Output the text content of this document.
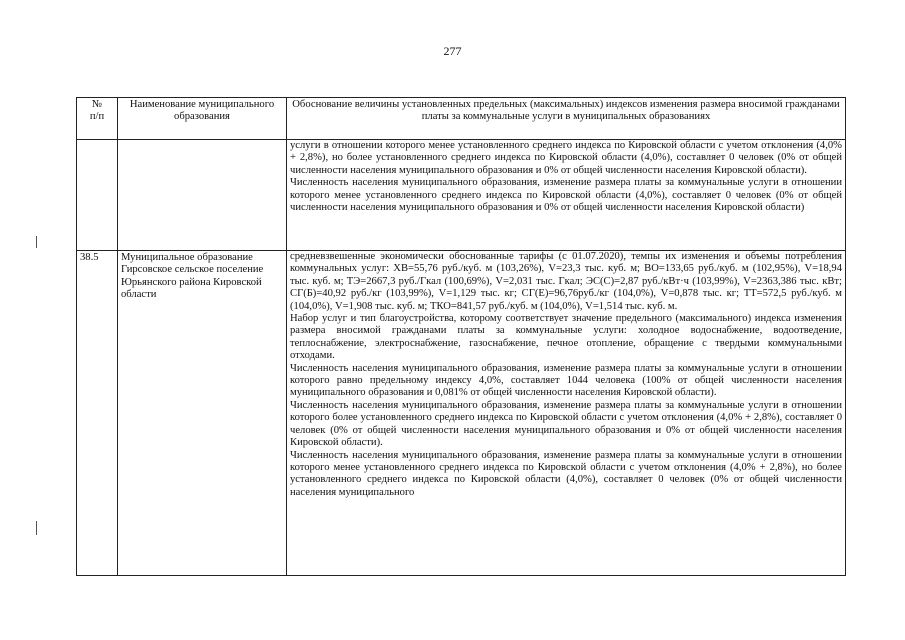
277
№
п/п	Наименование муниципального образования	Обоснование величины установленных предельных (максимальных) индексов изменения размера вносимой гражданами платы за коммунальные услуги в муниципальных образованиях

		услуги в отношении которого менее установленного среднего индекса по Кировской области с учетом отклонения (4,0% + 2,8%), но более установленного среднего индекса по Кировской области (4,0%), составляет 0 человек (0% от общей численности населения муниципального образования и 0% от общей численности населения Кировской области).

Численность населения муниципального образования, изменение размера платы за коммунальные услуги в отношении которого менее установленного среднего индекса по Кировской области (4,0%), составляет 0 человек (0% от общей численности населения муниципального образования и 0% от общей численности населения Кировской области)

38.5	Муниципальное образование Гирсовское сельское поселение Юрьянского района Кировской области	средневзвешенные экономически обоснованные тарифы (с 01.07.2020), темпы их изменения и объемы потребления коммунальных услуг: ХВ=55,76 руб./куб. м (103,26%), V=23,3 тыс. куб. м; ВО=133,65 руб./куб. м (102,95%), V=18,94 тыс. куб. м; ТЭ=2667,3 руб./Гкал (100,69%), V=2,031 тыс. Гкал; ЭС(С)=2,87 руб./кВт·ч (103,99%), V=2363,386 тыс. кВт; СГ(Б)=40,92 руб./кг (103,99%), V=1,129 тыс. кг; СГ(Е)=96,76руб./кг (104,0%), V=0,878 тыс. кг; ТТ=572,5 руб./куб. м (104,0%), V=1,908 тыс. куб. м; ТКО=841,57 руб./куб. м (104,0%), V=1,514 тыс. куб. м.

Набор услуг и тип благоустройства, которому соответствует значение предельного (максимального) индекса изменения размера вносимой гражданами платы за коммунальные услуги: холодное водоснабжение, водоотведение, теплоснабжение, электроснабжение, газоснабжение, печное отопление, обращение с твердыми коммунальными отходами.

Численность населения муниципального образования, изменение размера платы за коммунальные услуги в отношении которого равно предельному индексу 4,0%, составляет 1044 человека (100% от общей численности населения муниципального образования и 0,081% от общей численности населения Кировской области).

Численность населения муниципального образования, изменение размера платы за коммунальные услуги в отношении которого более установленного среднего индекса по Кировской области с учетом отклонения (4,0% + 2,8%), составляет 0 человек (0% от общей численности населения муниципального образования и 0% от общей численности населения Кировской области).

Численность населения муниципального образования, изменение размера платы за коммунальные услуги в отношении которого менее установленного среднего индекса по Кировской области с учетом отклонения (4,0% + 2,8%), но более установленного среднего индекса по Кировской области (4,0%), составляет 0 человек (0% от общей численности населения муниципального
